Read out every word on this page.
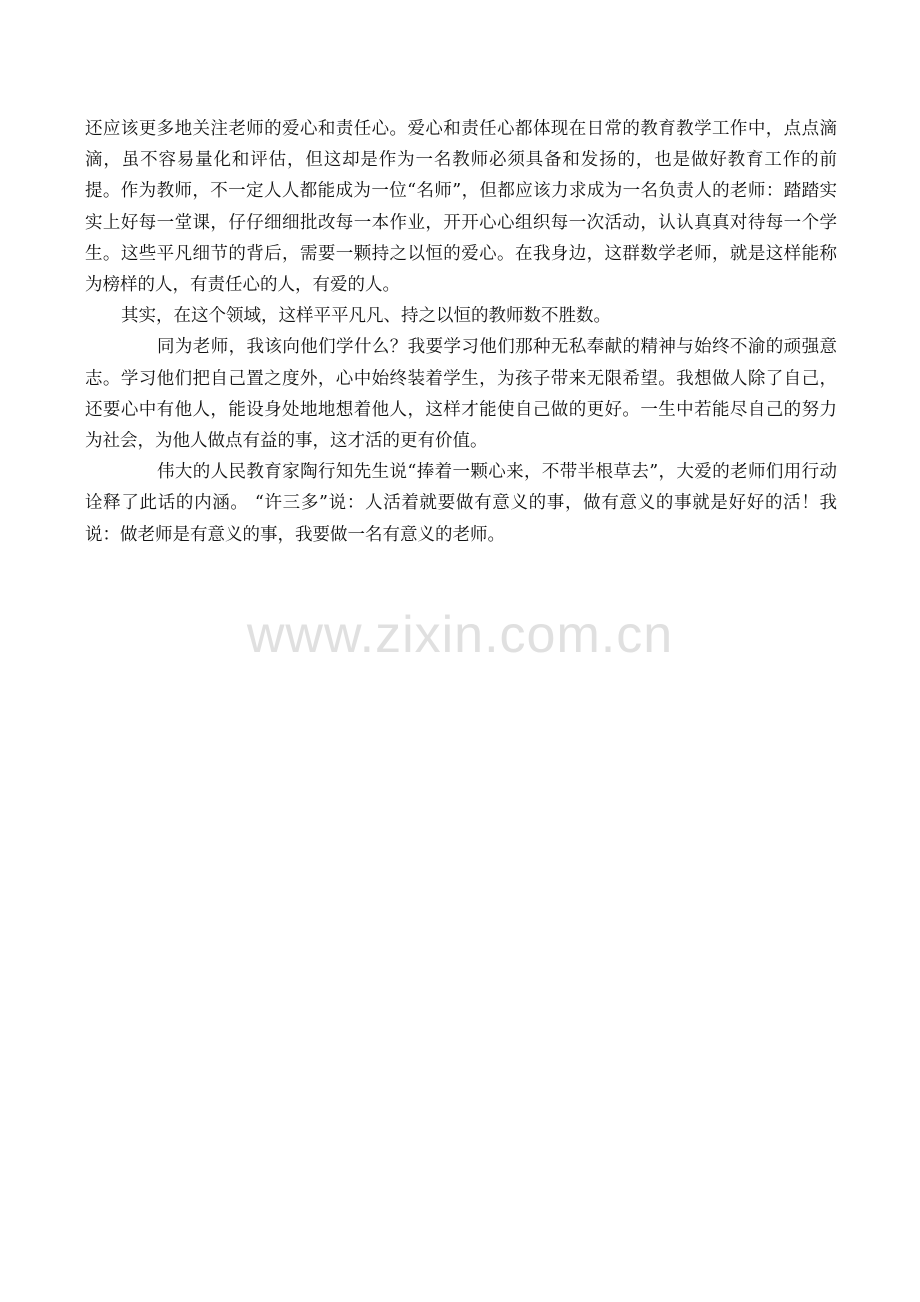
还应该更多地关注老师的爱心和责任心。爱心和责任心都体现在日常的教育教学工作中，点点滴滴，虽不容易量化和评估，但这却是作为一名教师必须具备和发扬的，也是做好教育工作的前提。作为教师，不一定人人都能成为一位“名师”，但都应该力求成为一名负责人的老师：踏踏实实上好每一堂课，仔仔细细批改每一本作业，开开心心组织每一次活动，认认真真对待每一个学生。这些平凡细节的背后，需要一颗持之以恒的爱心。在我身边，这群数学老师，就是这样能称为榜样的人，有责任心的人，有爱的人。

其实，在这个领域，这样平平凡凡、持之以恒的教师数不胜数。

同为老师，我该向他们学什么？我要学习他们那种无私奉献的精神与始终不渝的顽强意志。学习他们把自己置之度外，心中始终装着学生，为孩子带来无限希望。我想做人除了自己，还要心中有他人，能设身处地地想着他人，这样才能使自己做的更好。一生中若能尽自己的努力为社会，为他人做点有益的事，这才活的更有价值。

伟大的人民教育家陶行知先生说“捧着一颗心来，不带半根草去”，大爱的老师们用行动诠释了此话的内涵。 “许三多”说：人活着就要做有意义的事，做有意义的事就是好好的活！我说：做老师是有意义的事，我要做一名有意义的老师。

www.zixin.com.cn
